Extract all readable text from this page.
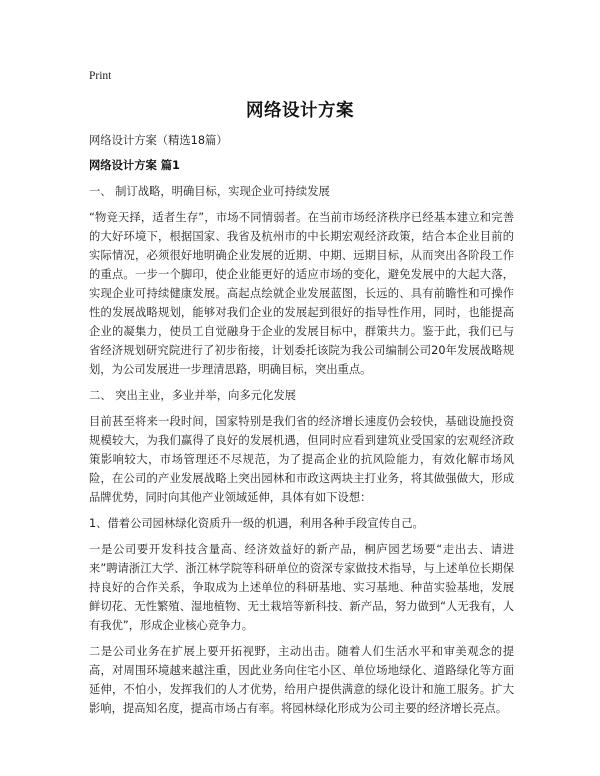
Print
网络设计方案

网络设计方案（精选18篇）

网络设计方案 篇1

一、 制订战略，明确目标，实现企业可持续发展

“物竞天择，适者生存”，市场不同情弱者。在当前市场经济秩序已经基本建立和完善的大好环境下，根据国家、我省及杭州市的中长期宏观经济政策，结合本企业目前的实际情况，必须很好地明确企业发展的近期、中期、远期目标，从而突出各阶段工作的重点。一步一个脚印，使企业能更好的适应市场的变化，避免发展中的大起大落，实现企业可持续健康发展。高起点绘就企业发展蓝图，长远的、具有前瞻性和可操作性的发展战略规划，能够对我们企业的发展起到很好的指导性作用，同时，也能提高企业的凝集力，使员工自觉融身于企业的发展目标中，群策共力。鉴于此，我们已与省经济规划研究院进行了初步衔接，计划委托该院为我公司编制公司20年发展战略规划，为公司发展进一步理清思路，明确目标，突出重点。

二、 突出主业，多业并举，向多元化发展

目前甚至将来一段时间，国家特别是我们省的经济增长速度仍会较快，基础设施投资规模较大，为我们赢得了良好的发展机遇，但同时应看到建筑业受国家的宏观经济政策影响较大，市场管理还不尽规范，为了提高企业的抗风险能力，有效化解市场风险，在公司的产业发展战略上突出园林和市政这两块主打业务，将其做强做大，形成品牌优势，同时向其他产业领域延伸，具体有如下设想：

1、借着公司园林绿化资质升一级的机遇，利用各种手段宣传自己。

一是公司要开发科技含量高、经济效益好的新产品，桐庐园艺场要“走出去、请进来”聘请浙江大学、浙江林学院等科研单位的资深专家做技术指导，与上述单位长期保持良好的合作关系，争取成为上述单位的科研基地、实习基地、种苗实验基地，发展鲜切花、无性繁殖、湿地植物、无土栽培等新科技、新产品，努力做到“人无我有，人有我优”，形成企业核心竞争力。

二是公司业务在扩展上要开拓视野，主动出击。随着人们生活水平和审美观念的提高，对周围环境越来越注重，因此业务向住宅小区、单位场地绿化、道路绿化等方面延伸，不怕小，发挥我们的人才优势，给用户提供满意的绿化设计和施工服务。扩大影响，提高知名度，提高市场占有率。将园林绿化形成为公司主要的经济增长亮点。
